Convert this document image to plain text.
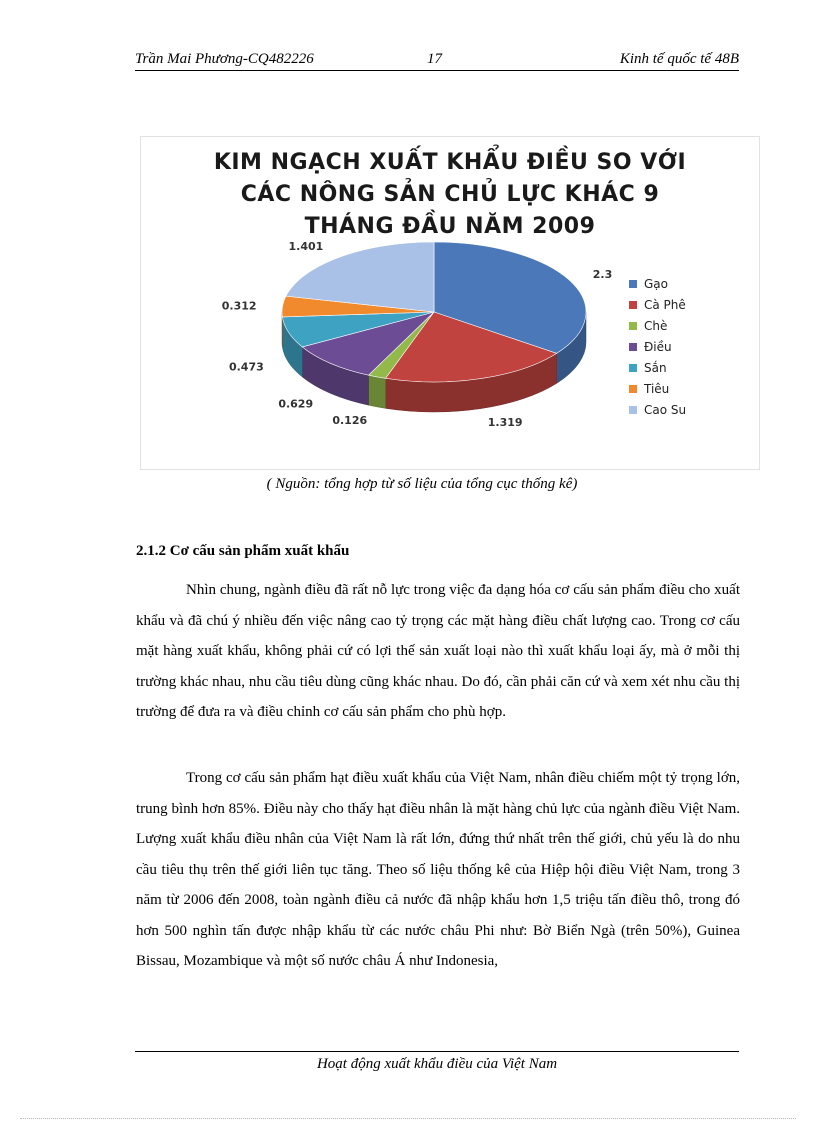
Trần Mai Phương-CQ482226	17	Kinh tế quốc tế 48B
KIM NGẠCH XUẤT KHẨU ĐIỀU SO VỚI
CÁC NÔNG SẢN CHỦ LỰC KHÁC 9
THÁNG ĐẦU NĂM 2009
2.3
1.319
0.126
0.629
0.473
0.312
1.401
Gạo
Cà Phê
Chè
Điều
Sắn
Tiêu
Cao Su
( Nguồn: tổng hợp từ số liệu của tổng cục thống kê)
2.1.2 Cơ cấu sản phẩm xuất khẩu

Nhìn chung, ngành điều đã rất nỗ lực trong việc đa dạng hóa cơ cấu sản phẩm điều cho xuất khẩu và đã chú ý nhiều đến việc nâng cao tỷ trọng các mặt hàng điều chất lượng cao. Trong cơ cấu mặt hàng xuất khẩu, không phải cứ có lợi thế sản xuất loại nào thì xuất khẩu loại ấy, mà ở mỗi thị trường khác nhau, nhu cầu tiêu dùng cũng khác nhau. Do đó, cần phải căn cứ và xem xét nhu cầu thị trường để đưa ra và điều chỉnh cơ cấu sản phẩm cho phù hợp.

Trong cơ cấu sản phẩm hạt điều xuất khẩu của Việt Nam, nhân điều chiếm một tỷ trọng lớn, trung bình hơn 85%. Điều này cho thấy hạt điều nhân là mặt hàng chủ lực của ngành điều Việt Nam. Lượng xuất khẩu điều nhân của Việt Nam là rất lớn, đứng thứ nhất trên thế giới, chủ yếu là do nhu cầu tiêu thụ trên thế giới liên tục tăng. Theo số liệu thống kê của Hiệp hội điều Việt Nam, trong 3 năm từ 2006 đến 2008, toàn ngành điều cả nước đã nhập khẩu hơn 1,5 triệu tấn điều thô, trong đó hơn 500 nghìn tấn được nhập khẩu từ các nước châu Phi như: Bờ Biển Ngà (trên 50%), Guinea Bissau, Mozambique và một số nước châu Á như Indonesia,

Hoạt động xuất khẩu điều của Việt Nam
